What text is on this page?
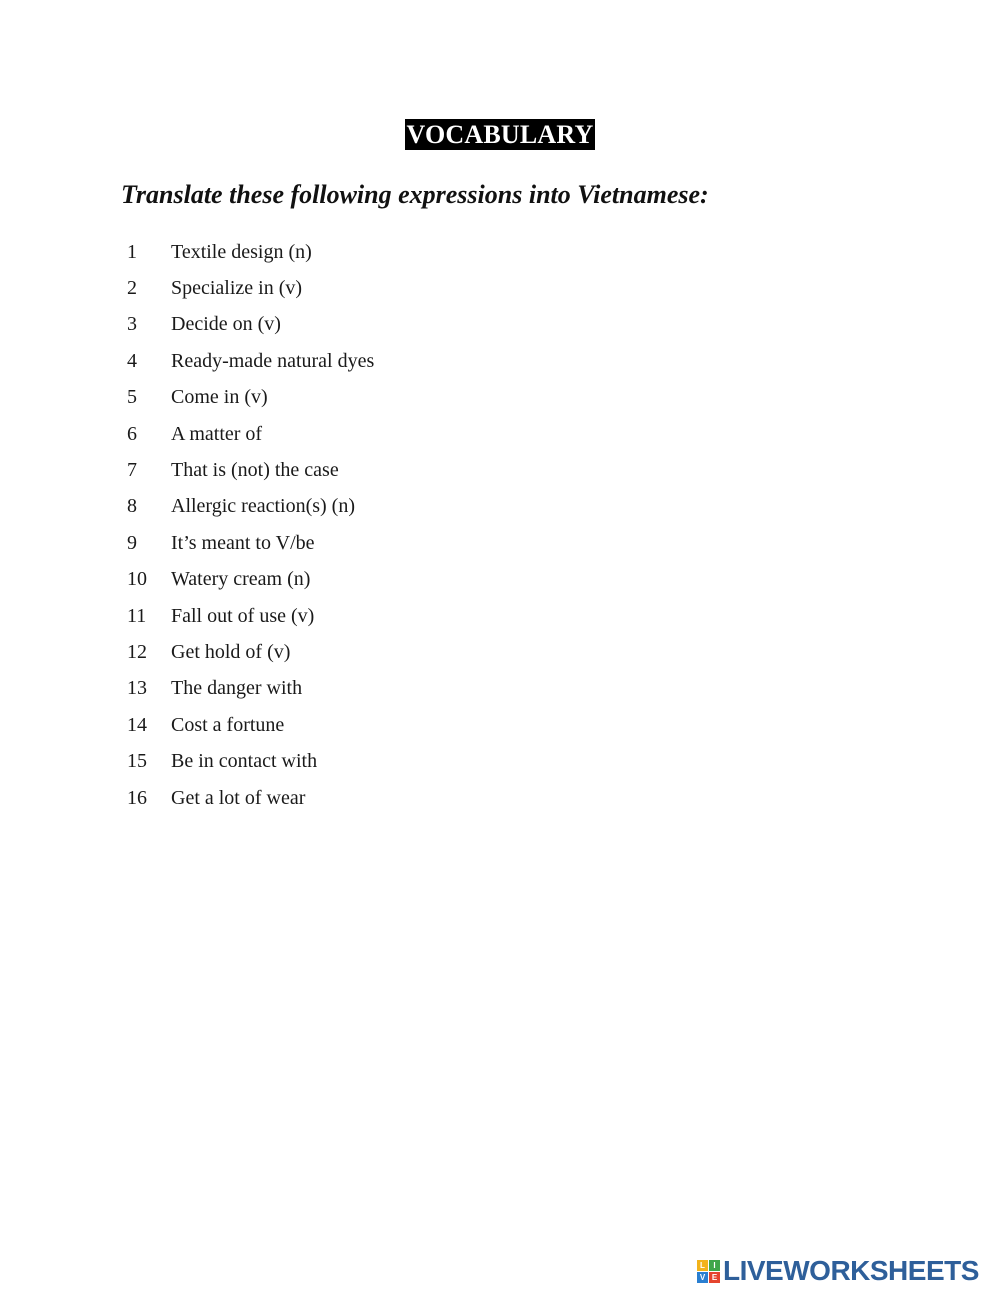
VOCABULARY
Translate these following expressions into Vietnamese:
1	Textile design (n)
2	Specialize in (v)
3	Decide on (v)
4	Ready-made natural dyes
5	Come in (v)
6	A matter of
7	That is (not) the case
8	Allergic reaction(s) (n)
9	It’s meant to V/be
10	Watery cream (n)
11	Fall out of use (v)
12	Get hold of (v)
13	The danger with
14	Cost a fortune
15	Be in contact with
16	Get a lot of wear
L	I
V E LIVEWORKSHEETS
